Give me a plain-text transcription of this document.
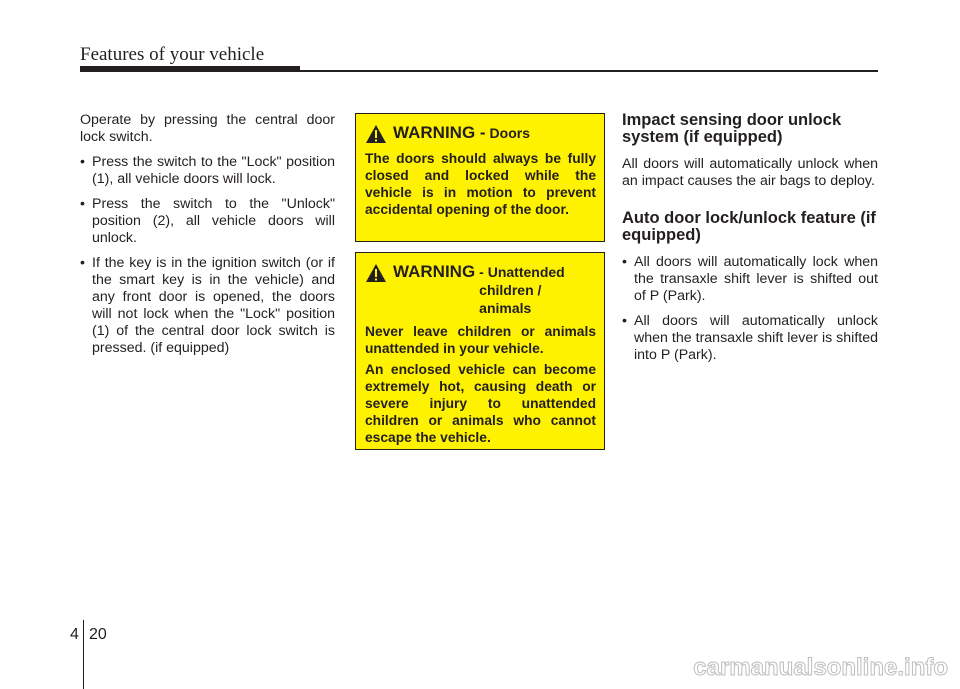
Features of your vehicle

Operate by pressing the central door lock switch.

• Press the switch to the "Lock" position (1), all vehicle doors will lock.
• Press the switch to the "Unlock" position (2), all vehicle doors will unlock.
• If the key is in the ignition switch (or if the smart key is in the vehicle) and any front door is opened, the doors will not lock when the "Lock" position (1) of the central door lock switch is pressed. (if equipped)
WARNING - Doors

The doors should always be fully closed and locked while the vehicle is in motion to prevent accidental opening of the door.

WARNING - Unattended children / animals

Never leave children or animals unattended in your vehicle.

An enclosed vehicle can become extremely hot, causing death or severe injury to unattended children or animals who cannot escape the vehicle.

Impact sensing door unlock system (if equipped)

All doors will automatically unlock when an impact causes the air bags to deploy.

Auto door lock/unlock feature (if equipped)
• All doors will automatically lock when the transaxle shift lever is shifted out of P (Park).
• All doors will automatically unlock when the transaxle shift lever is shifted into P (Park).
4 20
carmanualsonline.info
